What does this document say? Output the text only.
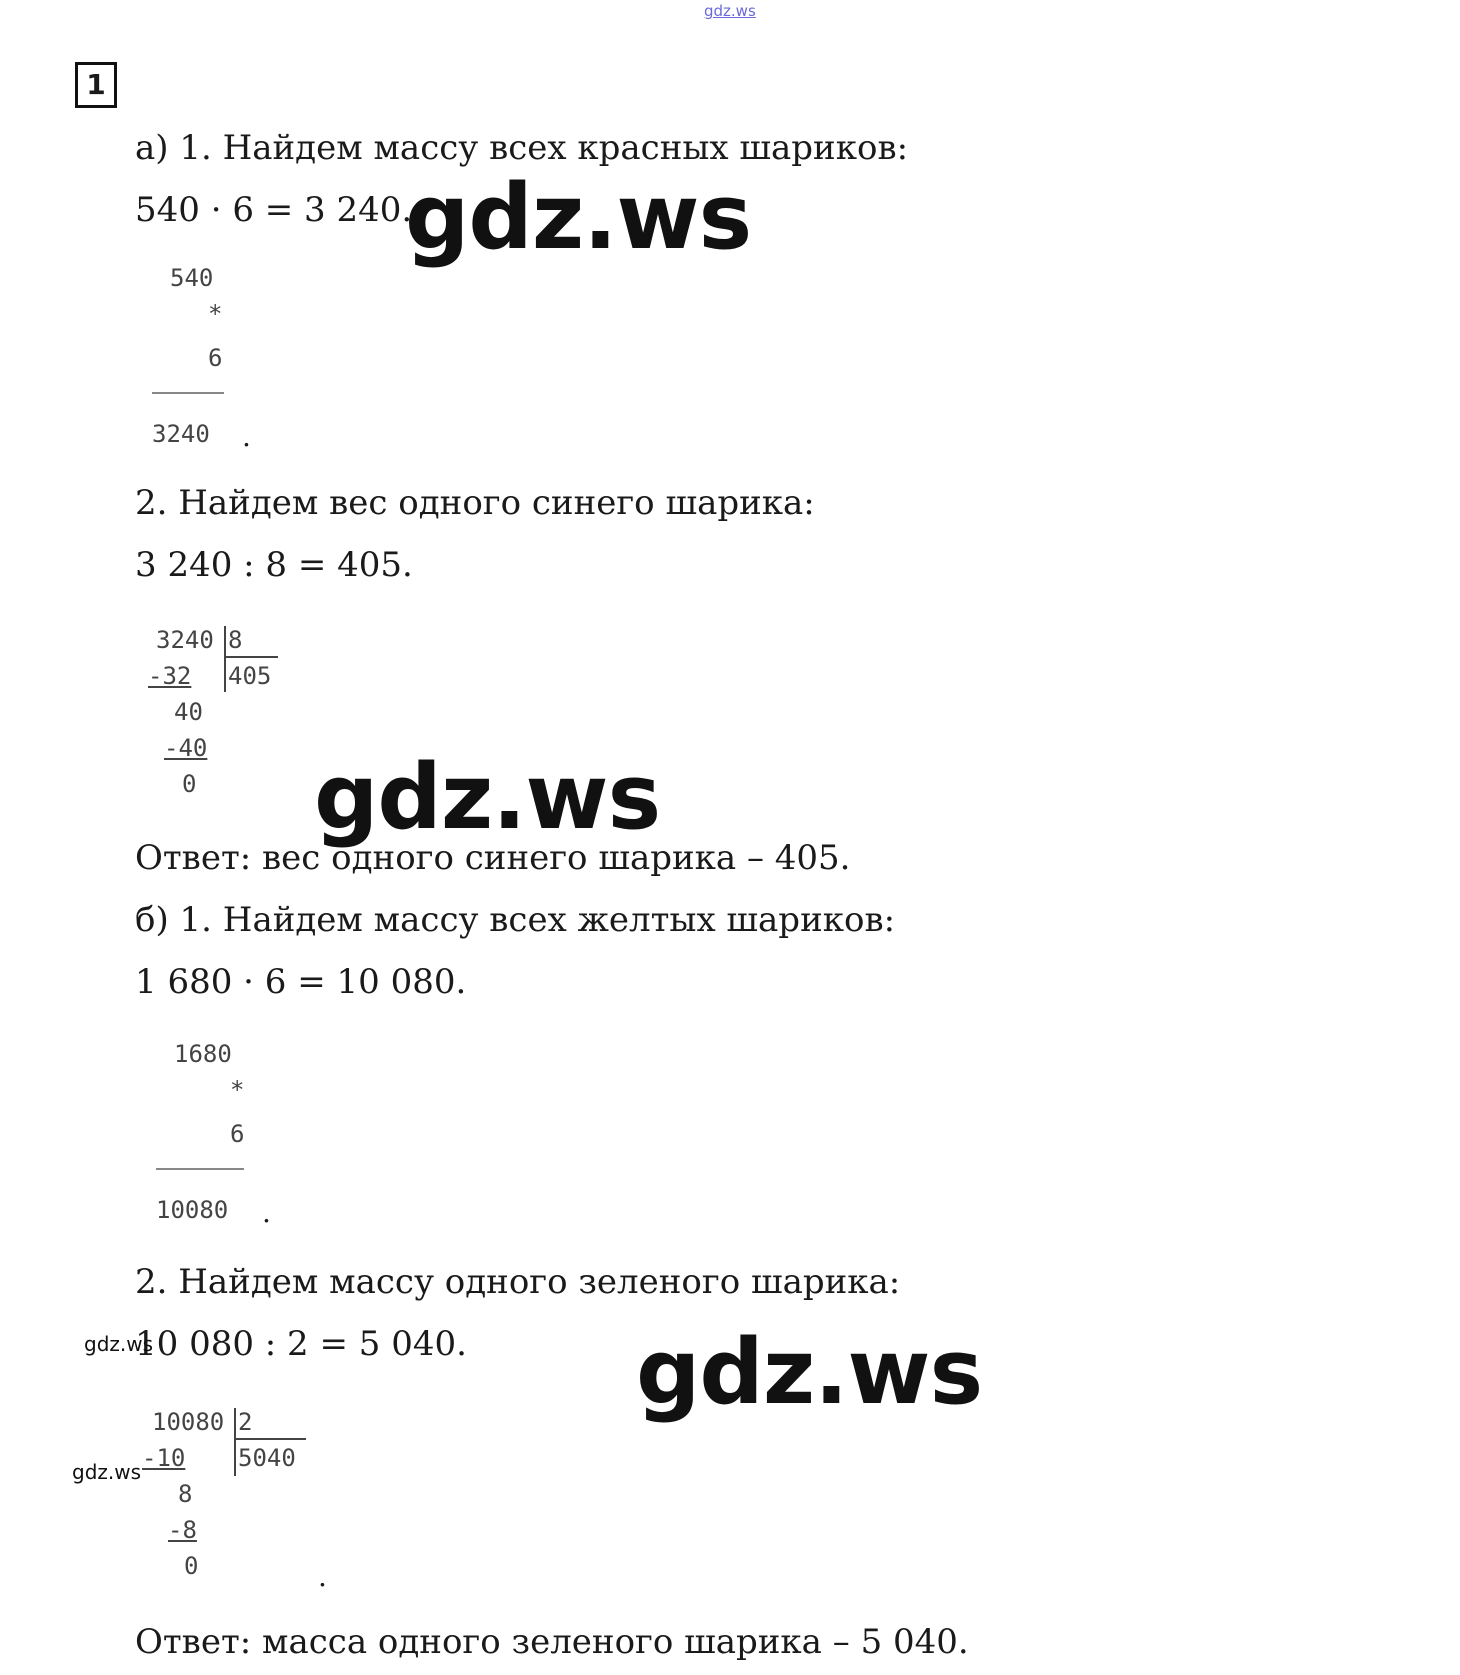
gdz.ws
1
а) 1. Найдем массу всех красных шариков:
540 · 6 = 3 240.
gdz.ws
540
*
6
3240 .
2. Найдем вес одного синего шарика:
3 240 : 8 = 405.
3240 8
405
-32
40
-40
0 gdz.ws
Ответ: вес одного синего шарика – 405.
б) 1. Найдем массу всех желтых шариков:
1 680 · 6 = 10 080.
1680
*
6
10080 .
2. Найдем массу одного зеленого шарика:
10 080 : 2 = 5 040.
gdz.ws	gdz.ws
10080 2
5040
gdz.ws -10
8
-8
0	.
Ответ: масса одного зеленого шарика – 5 040.
